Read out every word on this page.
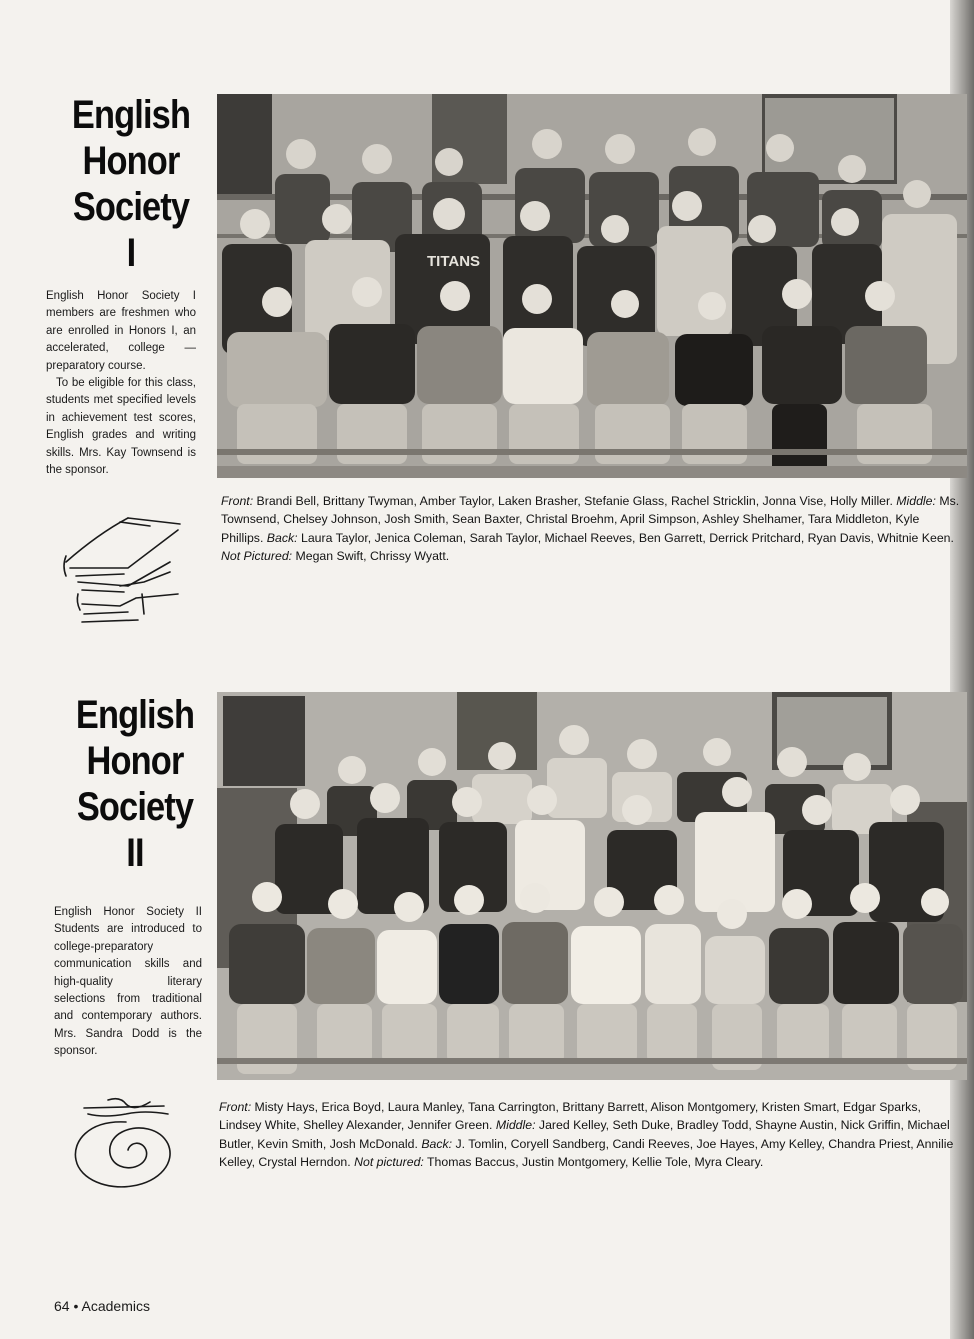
English
Honor
Society
I

English Honor Society I members are freshmen who are enrolled in Honors I, an accelerated, college — preparatory course.

To be eligible for this class, students met specified levels in achievement test scores, English grades and writing skills. Mrs. Kay Townsend is the sponsor.

TITANS
Front: Brandi Bell, Brittany Twyman, Amber Taylor, Laken Brasher, Stefanie Glass, Rachel Stricklin, Jonna Vise, Holly Miller. Middle: Ms. Townsend, Chelsey Johnson, Josh Smith, Sean Baxter, Christal Broehm, April Simpson, Ashley Shelhamer, Tara Middleton, Kyle Phillips. Back: Laura Taylor, Jenica Coleman, Sarah Taylor, Michael Reeves, Ben Garrett, Derrick Pritchard, Ryan Davis, Whitnie Keen. Not Pictured: Megan Swift, Chrissy Wyatt.
English
Honor
Society
II

English Honor Society II Students are introduced to college-preparatory communication skills and high-quality literary selections from traditional and contemporary authors. Mrs. Sandra Dodd is the sponsor.

Front: Misty Hays, Erica Boyd, Laura Manley, Tana Carrington, Brittany Barrett, Alison Montgomery, Kristen Smart, Edgar Sparks, Lindsey White, Shelley Alexander, Jennifer Green. Middle: Jared Kelley, Seth Duke, Bradley Todd, Shayne Austin, Nick Griffin, Michael Butler, Kevin Smith, Josh McDonald. Back: J. Tomlin, Coryell Sandberg, Candi Reeves, Joe Hayes, Amy Kelley, Chandra Priest, Annilie Kelley, Crystal Herndon. Not pictured: Thomas Baccus, Justin Montgomery, Kellie Tole, Myra Cleary.
64 • Academics
